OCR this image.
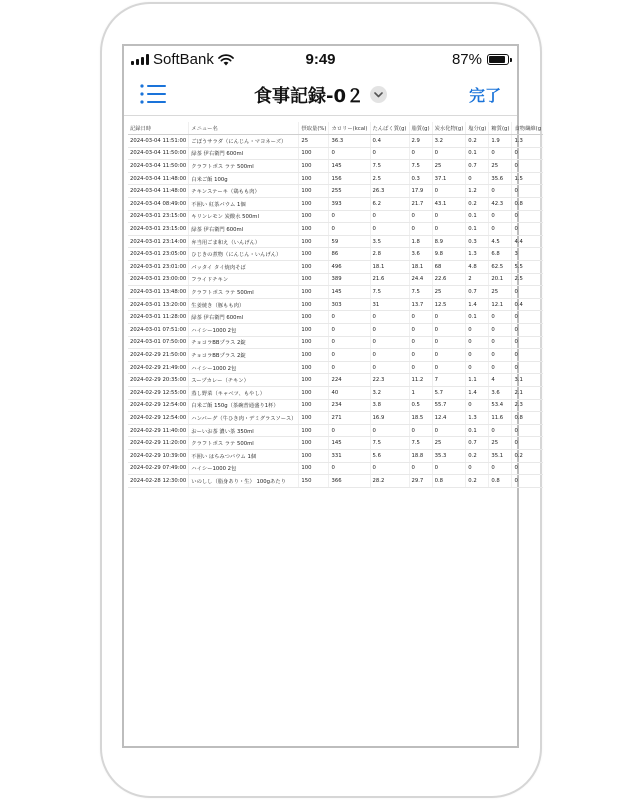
SoftBank	9:49	87%
食事記録-0２	完了
記録日時	メニュー名	摂取量(%)	カロリー(kcal)	たんぱく質(g)	脂質(g)	炭水化物(g)	塩分(g)	糖質(g)	食物繊維(g
2024-03-04 11:51:00	ごぼうサラダ（にんじん・マヨネーズ）	25	36.3	0.4	2.9	3.2	0.2	1.9	1.3
2024-03-04 11:50:00	緑茶 伊右衛門 600ml	100	0	0	0	0	0.1	0	0
2024-03-04 11:50:00	クラフトボス ラテ 500ml	100	145	7.5	7.5	25	0.7	25	0
2024-03-04 11:48:00	白米ご飯 100g	100	156	2.5	0.3	37.1	0	35.6	1.5
2024-03-04 11:48:00	チキンステーキ（鶏もも肉）	100	255	26.3	17.9	0	1.2	0	0
2024-03-04 08:49:00	不囲い 紅茶バウム 1個	100	393	6.2	21.7	43.1	0.2	42.3	0.8
2024-03-01 23:15:00	キリンレモン 炭酸水 500ml	100	0	0	0	0	0.1	0	0
2024-03-01 23:15:00	緑茶 伊右衛門 600ml	100	0	0	0	0	0.1	0	0
2024-03-01 23:14:00	弁当用ごま和え（いんげん）	100	59	3.5	1.8	8.9	0.3	4.5	4.4
2024-03-01 23:05:00	ひじきの煮物（にんじん・いんげん）	100	86	2.8	3.6	9.8	1.3	6.8	3
2024-03-01 23:01:00	パッタイ タイ焼肉そば	100	496	18.1	18.1	68	4.8	62.5	5.5
2024-03-01 23:00:00	フライドチキン	100	389	21.6	24.4	22.6	2	20.1	2.5
2024-03-01 13:48:00	クラフトボス ラテ 500ml	100	145	7.5	7.5	25	0.7	25	0
2024-03-01 13:20:00	生姜焼き（豚もも肉）	100	303	31	13.7	12.5	1.4	12.1	0.4
2024-03-01 11:28:00	緑茶 伊右衛門 600ml	100	0	0	0	0	0.1	0	0
2024-03-01 07:51:00	ハイシー1000 2包	100	0	0	0	0	0	0	0
2024-03-01 07:50:00	チョコラBBプラス 2錠	100	0	0	0	0	0	0	0
2024-02-29 21:50:00	チョコラBBプラス 2錠	100	0	0	0	0	0	0	0
2024-02-29 21:49:00	ハイシー1000 2包	100	0	0	0	0	0	0	0
2024-02-29 20:35:00	スープカレー（チキン）	100	224	22.3	11.2	7	1.1	4	3.1
2024-02-29 12:55:00	蒸し野菜（キャベツ、もやし）	100	40	3.2	1	5.7	1.4	3.6	2.1
2024-02-29 12:54:00	白米ご飯 150g（茶碗普通盛り1杯）	100	234	3.8	0.5	55.7	0	53.4	2.3
2024-02-29 12:54:00	ハンバーグ（牛ひき肉・デミグラスソース）	100	271	16.9	18.5	12.4	1.3	11.6	0.8
2024-02-29 11:40:00	おーいお茶 濃い茶 350ml	100	0	0	0	0	0.1	0	0
2024-02-29 11:20:00	クラフトボス ラテ 500ml	100	145	7.5	7.5	25	0.7	25	0
2024-02-29 10:39:00	不囲い はちみつバウム 1個	100	331	5.6	18.8	35.3	0.2	35.1	0.2
2024-02-29 07:49:00	ハイシー1000 2包	100	0	0	0	0	0	0	0
2024-02-28 12:30:00	いのしし（脂身あり・生） 100gあたり	150	366	28.2	29.7	0.8	0.2	0.8	0
